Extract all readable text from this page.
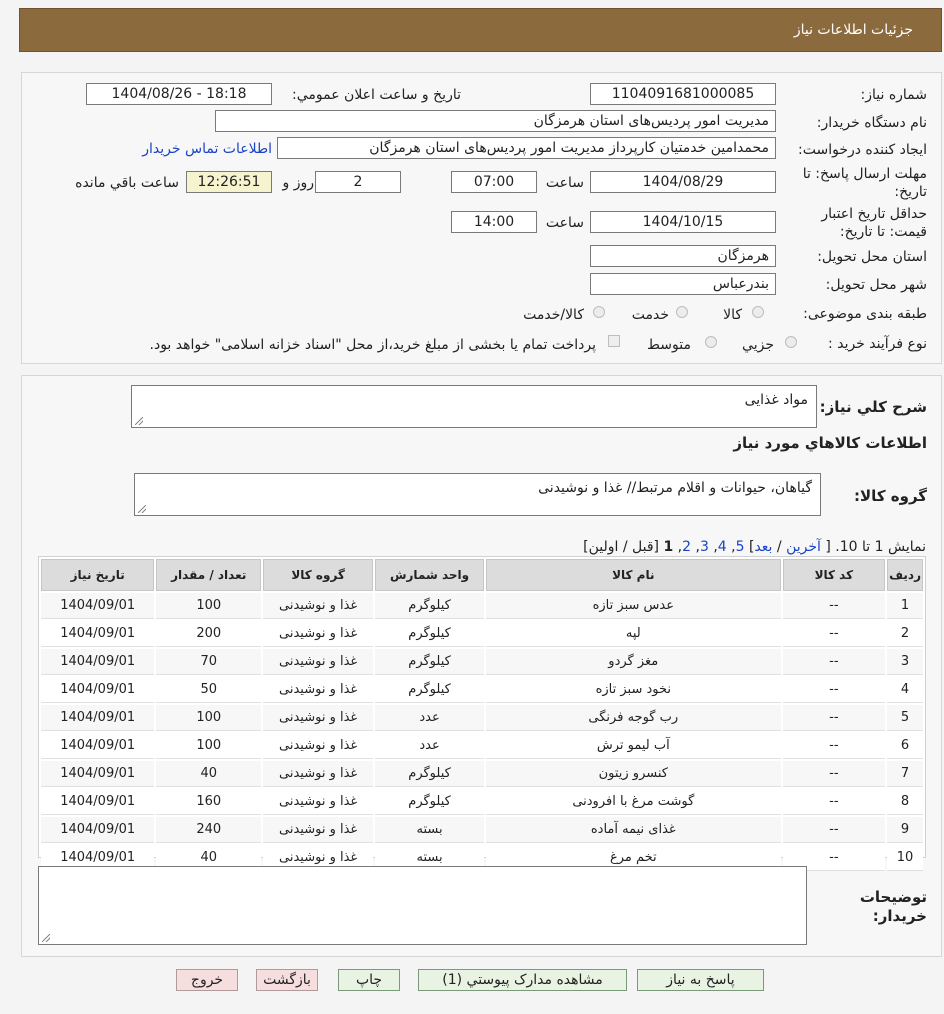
جزئیات اطلاعات نیاز
شماره نیاز:
1104091681000085
تاریخ و ساعت اعلان عمومي:
1404/08/26 - 18:18
نام دستگاه خریدار:
مدیریت امور پردیس‌های استان هرمزگان
ایجاد کننده درخواست:
محمدامین خدمتیان کارپرداز مدیریت امور پردیس‌های استان هرمزگان
اطلاعات تماس خریدار
مهلت ارسال پاسخ: تا تاریخ:
1404/08/29
ساعت
07:00
2
روز و
12:26:51
ساعت باقي مانده
حداقل تاریخ اعتبار قیمت: تا تاریخ:
1404/10/15
ساعت
14:00
استان محل تحویل:
هرمزگان
شهر محل تحویل:
بندرعباس
طبقه بندی موضوعی:
کالا
خدمت
کالا/خدمت
نوع فرآیند خرید :
جزیي
متوسط
پرداخت تمام یا بخشی از مبلغ خرید،از محل "اسناد خزانه اسلامی" خواهد بود.
شرح کلي نیاز:
مواد غذایی
اطلاعات کالاهاي مورد نياز
گروه کالا:
گیاهان، حیوانات و اقلام مرتبط// غذا و نوشیدنی
نمایش 1 تا 10. [ آخرین / بعد] 5, 4, 3, 2, 1 [قبل / اولین]
ردیف	کد کالا	نام کالا	واحد شمارش	گروه کالا	تعداد / مقدار	تاریخ نیاز
1	--	عدس سبز تازه	کیلوگرم	غذا و نوشیدنی	100	1404/09/01
2	--	لپه	کیلوگرم	غذا و نوشیدنی	200	1404/09/01
3	--	مغز گردو	کیلوگرم	غذا و نوشیدنی	70	1404/09/01
4	--	نخود سبز تازه	کیلوگرم	غذا و نوشیدنی	50	1404/09/01
5	--	رب گوجه فرنگی	عدد	غذا و نوشیدنی	100	1404/09/01
6	--	آب لیمو ترش	عدد	غذا و نوشیدنی	100	1404/09/01
7	--	کنسرو زیتون	کیلوگرم	غذا و نوشیدنی	40	1404/09/01
8	--	گوشت مرغ با افرودنی	کیلوگرم	غذا و نوشیدنی	160	1404/09/01
9	--	غذای نیمه آماده	بسته	غذا و نوشیدنی	240	1404/09/01
10	--	تخم مرغ	بسته	غذا و نوشیدنی	40	1404/09/01
توضیحات خریدار:
پاسخ به نیاز
مشاهده مدارک پیوستي (1)
چاپ
بازگشت
خروج
